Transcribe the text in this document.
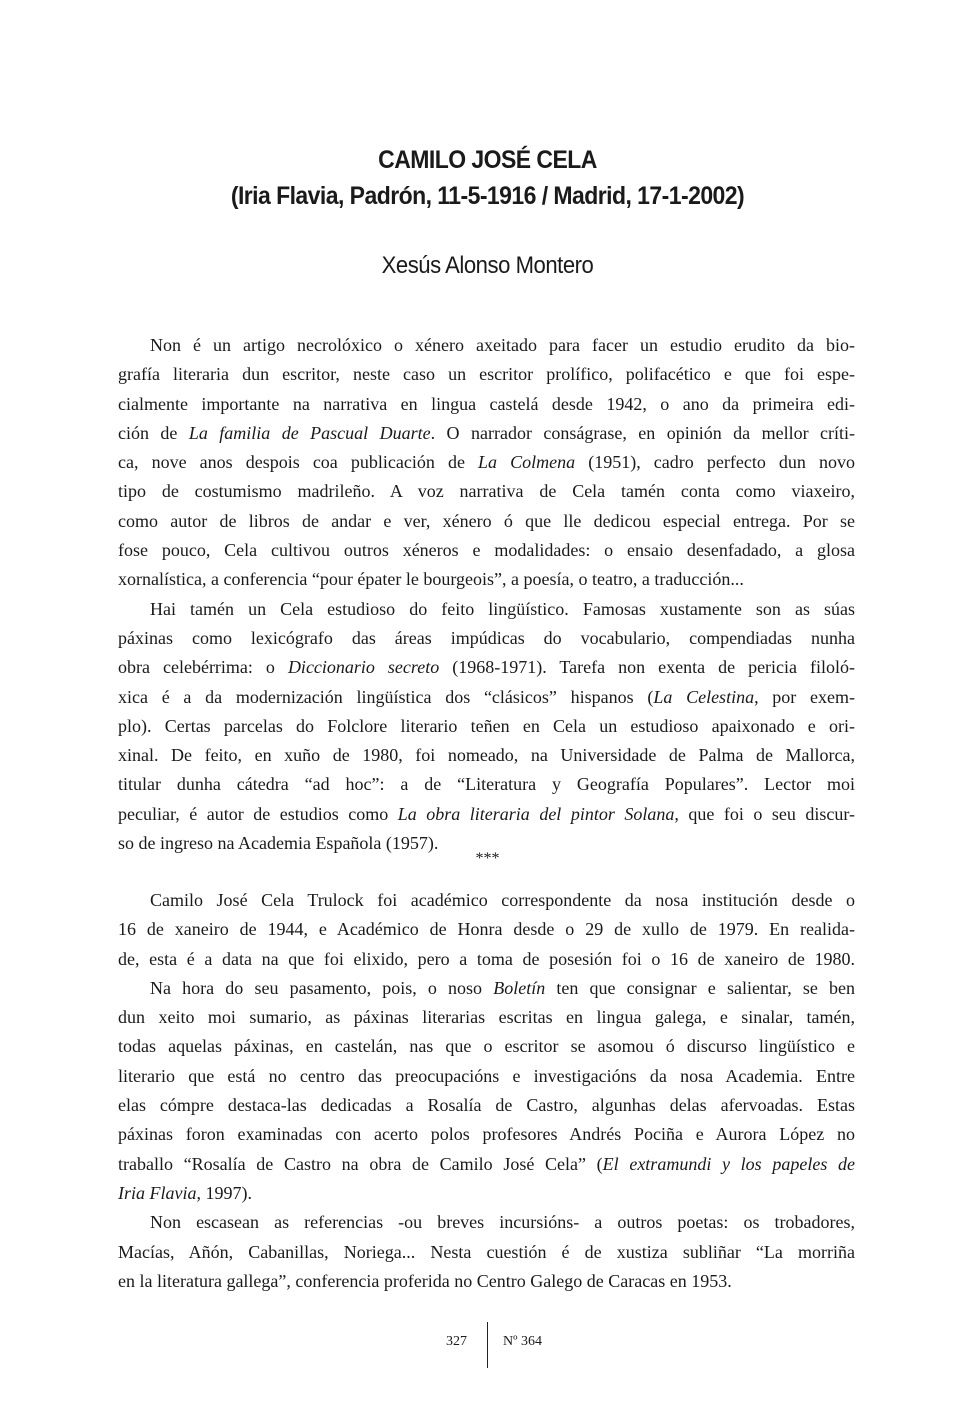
CAMILO JOSÉ CELA
(Iria Flavia, Padrón, 11-5-1916 / Madrid, 17-1-2002)
Xesús Alonso Montero
Non é un artigo necrolóxico o xénero axeitado para facer un estudio erudito da bio-
grafía literaria dun escritor, neste caso un escritor prolífico, polifacético e que foi espe-
cialmente importante na narrativa en lingua castelá desde 1942, o ano da primeira edi-
ción de La familia de Pascual Duarte. O narrador conságrase, en opinión da mellor críti-
ca, nove anos despois coa publicación de La Colmena (1951), cadro perfecto dun novo
tipo de costumismo madrileño. A voz narrativa de Cela tamén conta como viaxeiro,
como autor de libros de andar e ver, xénero ó que lle dedicou especial entrega. Por se
fose pouco, Cela cultivou outros xéneros e modalidades: o ensaio desenfadado, a glosa
xornalística, a conferencia “pour épater le bourgeois”, a poesía, o teatro, a traducción...
Hai tamén un Cela estudioso do feito lingüístico. Famosas xustamente son as súas
páxinas como lexicógrafo das áreas impúdicas do vocabulario, compendiadas nunha
obra celebérrima: o Diccionario secreto (1968-1971). Tarefa non exenta de pericia filoló-
xica é a da modernización lingüística dos “clásicos” hispanos (La Celestina, por exem-
plo). Certas parcelas do Folclore literario teñen en Cela un estudioso apaixonado e ori-
xinal. De feito, en xuño de 1980, foi nomeado, na Universidade de Palma de Mallorca,
titular dunha cátedra “ad hoc”: a de “Literatura y Geografía Populares”. Lector moi
peculiar, é autor de estudios como La obra literaria del pintor Solana, que foi o seu discur-
so de ingreso na Academia Española (1957).
***
Camilo José Cela Trulock foi académico correspondente da nosa institución desde o
16 de xaneiro de 1944, e Académico de Honra desde o 29 de xullo de 1979. En realida-
de, esta é a data na que foi elixido, pero a toma de posesión foi o 16 de xaneiro de 1980.
Na hora do seu pasamento, pois, o noso Boletín ten que consignar e salientar, se ben
dun xeito moi sumario, as páxinas literarias escritas en lingua galega, e sinalar, tamén,
todas aquelas páxinas, en castelán, nas que o escritor se asomou ó discurso lingüístico e
literario que está no centro das preocupacións e investigacións da nosa Academia. Entre
elas cómpre destaca-las dedicadas a Rosalía de Castro, algunhas delas afervoadas. Estas
páxinas foron examinadas con acerto polos profesores Andrés Pociña e Aurora López no
traballo “Rosalía de Castro na obra de Camilo José Cela” (El extramundi y los papeles de
Iria Flavia, 1997).
Non escasean as referencias -ou breves incursións- a outros poetas: os trobadores,
Macías, Añón, Cabanillas, Noriega... Nesta cuestión é de xustiza subliñar “La morriña
en la literatura gallega”, conferencia proferida no Centro Galego de Caracas en 1953.
327	Nº 364
